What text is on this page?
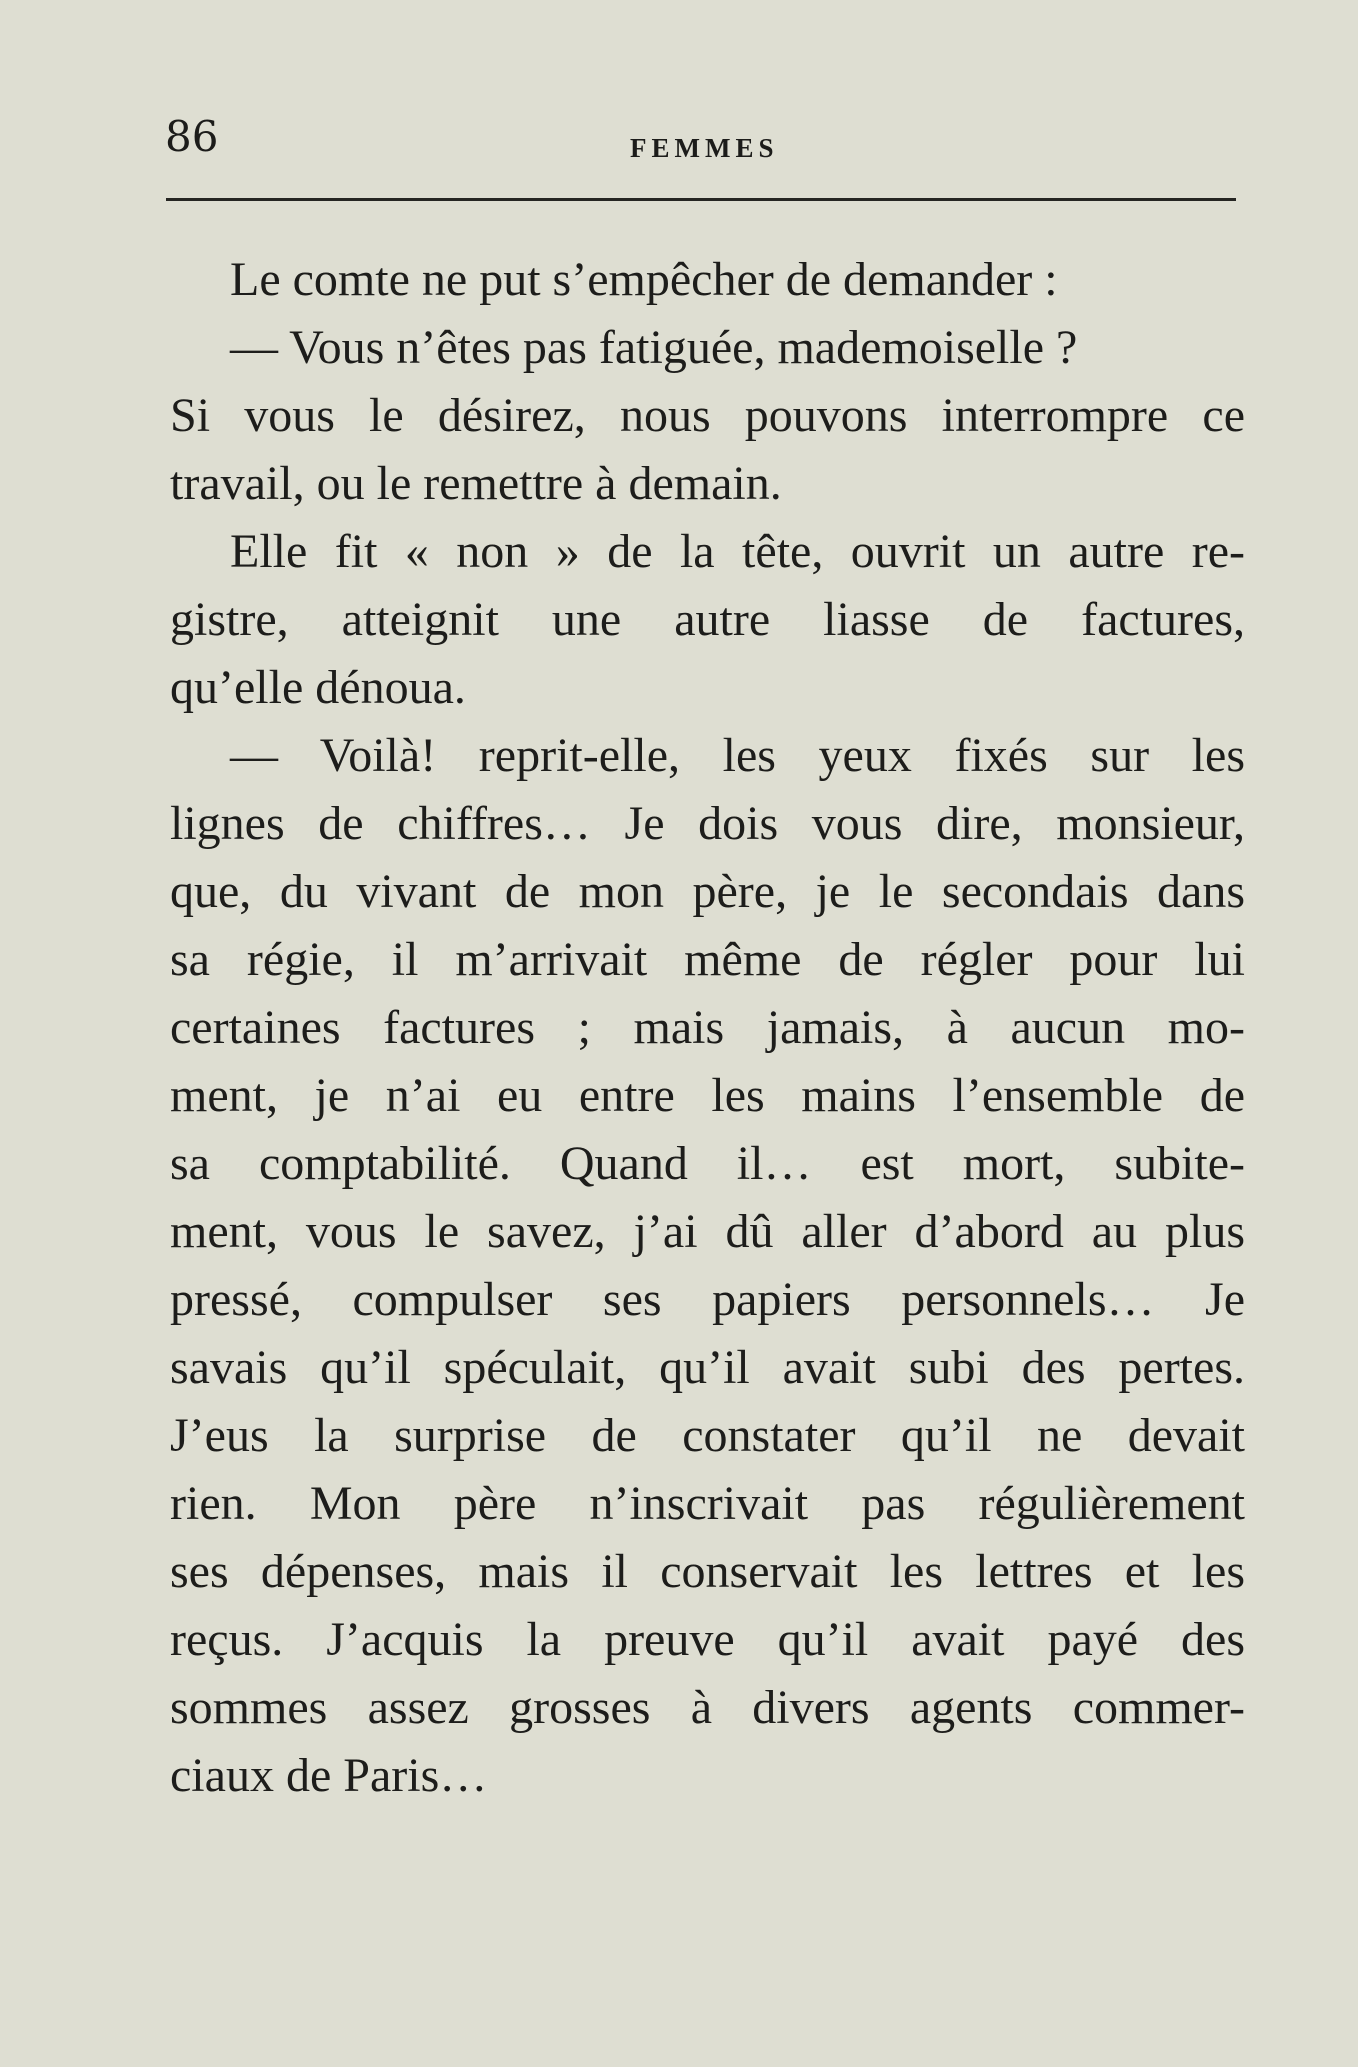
86	FEMMES
Le comte ne put s’empêcher de demander :
— Vous n’êtes pas fatiguée, mademoiselle ?
Si vous le désirez, nous pouvons interrompre ce
travail, ou le remettre à demain.
Elle fit « non » de la tête, ouvrit un autre re-
gistre, atteignit une autre liasse de factures,
qu’elle dénoua.
— Voilà! reprit-elle, les yeux fixés sur les
lignes de chiffres… Je dois vous dire, monsieur,
que, du vivant de mon père, je le secondais dans
sa régie, il m’arrivait même de régler pour lui
certaines factures ; mais jamais, à aucun mo-
ment, je n’ai eu entre les mains l’ensemble de
sa comptabilité. Quand il… est mort, subite-
ment, vous le savez, j’ai dû aller d’abord au plus
pressé, compulser ses papiers personnels… Je
savais qu’il spéculait, qu’il avait subi des pertes.
J’eus la surprise de constater qu’il ne devait
rien. Mon père n’inscrivait pas régulièrement
ses dépenses, mais il conservait les lettres et les
reçus. J’acquis la preuve qu’il avait payé des
sommes assez grosses à divers agents commer-
ciaux de Paris…
